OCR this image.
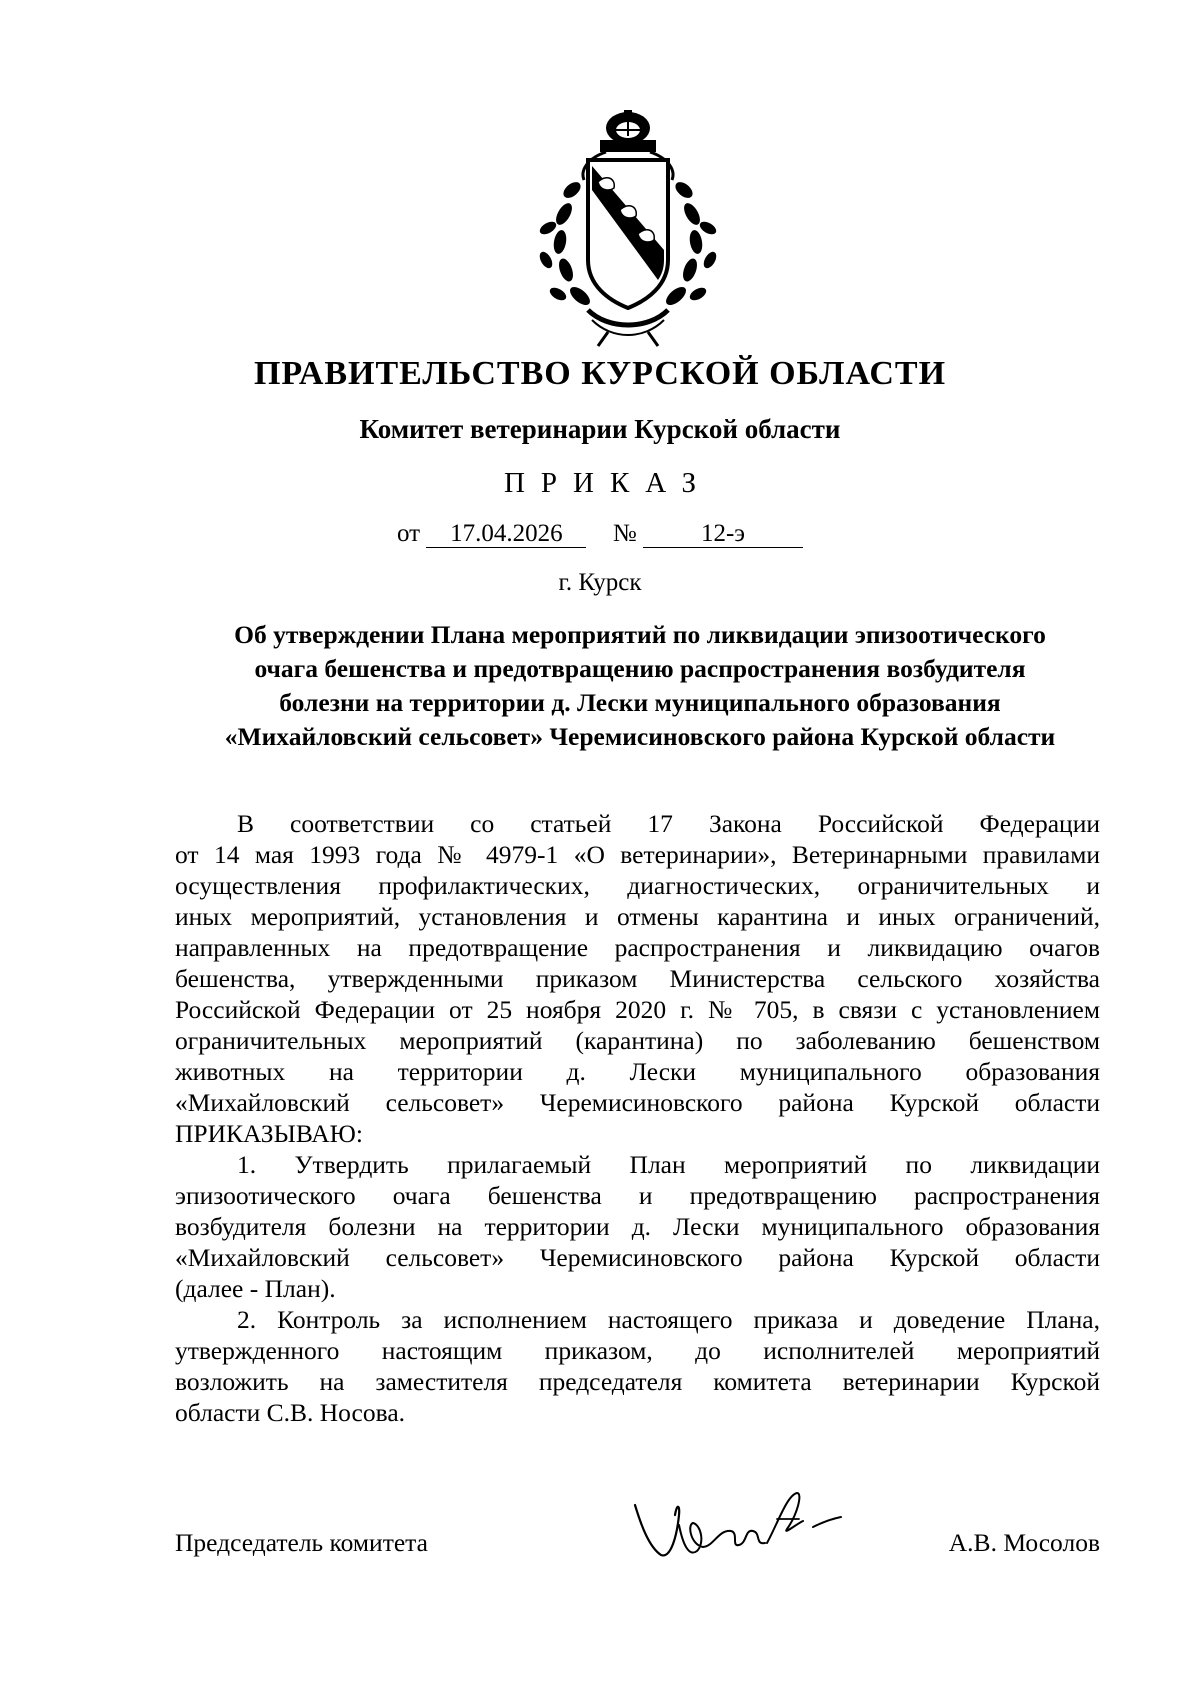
ПРАВИТЕЛЬСТВО КУРСКОЙ ОБЛАСТИ
Комитет ветеринарии Курской области
ПРИКАЗ
от 17.04.2026 №	12-э
г. Курск
Об утверждении Плана мероприятий по ликвидации эпизоотического
очага бешенства и предотвращению распространения возбудителя
болезни на территории д. Лески муниципального образования
«Михайловский сельсовет» Черемисиновского района Курской области
В соответствии со статьей 17 Закона Российской Федерации
от 14 мая 1993 года № 4979-1 «О ветеринарии», Ветеринарными правилами
осуществления профилактических, диагностических, ограничительных и
иных мероприятий, установления и отмены карантина и иных ограничений,
направленных на предотвращение распространения и ликвидацию очагов
бешенства, утвержденными приказом Министерства сельского хозяйства
Российской Федерации от 25 ноября 2020 г. № 705, в связи с установлением
ограничительных мероприятий (карантина) по заболеванию бешенством
животных на территории д. Лески муниципального образования
«Михайловский сельсовет» Черемисиновского района Курской области
ПРИКАЗЫВАЮ:
1. Утвердить прилагаемый План мероприятий по ликвидации
эпизоотического очага бешенства и предотвращению распространения
возбудителя болезни на территории д. Лески муниципального образования
«Михайловский сельсовет» Черемисиновского района Курской области
(далее - План).
2. Контроль за исполнением настоящего приказа и доведение Плана,
утвержденного настоящим приказом, до исполнителей мероприятий
возложить на заместителя председателя комитета ветеринарии Курской
области С.В. Носова.
Председатель комитета	А.В. Мосолов
